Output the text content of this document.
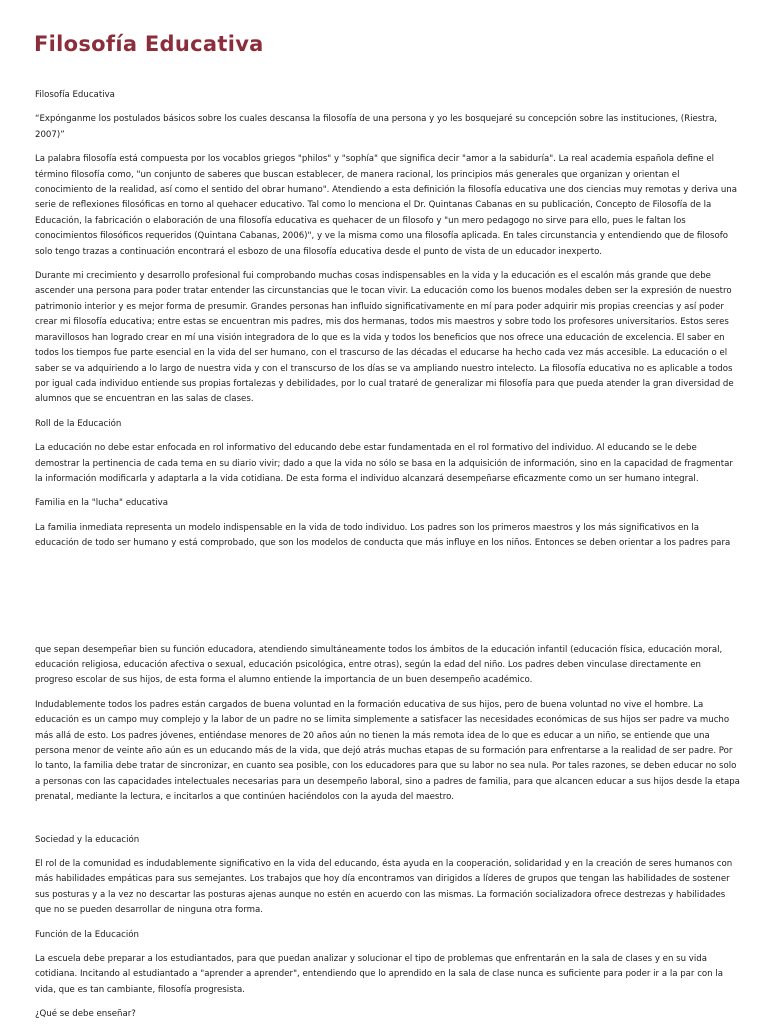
Filosofía Educativa

Filosofía Educativa

“Expónganme los postulados básicos sobre los cuales descansa la filosofía de una persona y yo les bosquejaré su concepción sobre las instituciones, (Riestra, 2007)”

La palabra filosofía está compuesta por los vocablos griegos "philos" y "sophía" que significa decir "amor a la sabiduría". La real academia española define el término filosofía como, "un conjunto de saberes que buscan establecer, de manera racional, los principios más generales que organizan y orientan el conocimiento de la realidad, así como el sentido del obrar humano". Atendiendo a esta definición la filosofía educativa une dos ciencias muy remotas y deriva una serie de reflexiones filosóficas en torno al quehacer educativo. Tal como lo menciona el Dr. Quintanas Cabanas en su publicación, Concepto de Filosofía de la Educación, la fabricación o elaboración de una filosofía educativa es quehacer de un filosofo y "un mero pedagogo no sirve para ello, pues le faltan los conocimientos filosóficos requeridos (Quintana Cabanas, 2006)", y ve la misma como una filosofía aplicada. En tales circunstancia y entendiendo que de filosofo solo tengo trazas a continuación encontrará el esbozo de una filosofía educativa desde el punto de vista de un educador inexperto.

Durante mi crecimiento y desarrollo profesional fui comprobando muchas cosas indispensables en la vida y la educación es el escalón más grande que debe ascender una persona para poder tratar entender las circunstancias que le tocan vivir. La educación como los buenos modales deben ser la expresión de nuestro patrimonio interior y es mejor forma de presumir. Grandes personas han influido significativamente en mí para poder adquirir mis propias creencias y así poder crear mi filosofía educativa; entre estas se encuentran mis padres, mis dos hermanas, todos mis maestros y sobre todo los profesores universitarios. Estos seres maravillosos han logrado crear en mí una visión integradora de lo que es la vida y todos los beneficios que nos ofrece una educación de excelencia. El saber en todos los tiempos fue parte esencial en la vida del ser humano, con el trascurso de las décadas el educarse ha hecho cada vez más accesible. La educación o el saber se va adquiriendo a lo largo de nuestra vida y con el transcurso de los días se va ampliando nuestro intelecto. La filosofía educativa no es aplicable a todos por igual cada individuo entiende sus propias fortalezas y debilidades, por lo cual trataré de generalizar mi filosofía para que pueda atender la gran diversidad de alumnos que se encuentran en las salas de clases.

Roll de la Educación

La educación no debe estar enfocada en rol informativo del educando debe estar fundamentada en el rol formativo del individuo. Al educando se le debe demostrar la pertinencia de cada tema en su diario vivir; dado a que la vida no sólo se basa en la adquisición de información, sino en la capacidad de fragmentar la información modificarla y adaptarla a la vida cotidiana. De esta forma el individuo alcanzará desempeñarse eficazmente como un ser humano integral.

Familia en la "lucha" educativa

La familia inmediata representa un modelo indispensable en la vida de todo individuo. Los padres son los primeros maestros y los más significativos en la educación de todo ser humano y está comprobado, que son los modelos de conducta que más influye en los niños. Entonces se deben orientar a los padres para

que sepan desempeñar bien su función educadora, atendiendo simultáneamente todos los ámbitos de la educación infantil (educación física, educación moral, educación religiosa, educación afectiva o sexual, educación psicológica, entre otras), según la edad del niño. Los padres deben vinculase directamente en progreso escolar de sus hijos, de esta forma el alumno entiende la importancia de un buen desempeño académico.

Indudablemente todos los padres están cargados de buena voluntad en la formación educativa de sus hijos, pero de buena voluntad no vive el hombre. La educación es un campo muy complejo y la labor de un padre no se limita simplemente a satisfacer las necesidades económicas de sus hijos ser padre va mucho más allá de esto. Los padres jóvenes, entiéndase menores de 20 años aún no tienen la más remota idea de lo que es educar a un niño, se entiende que una persona menor de veinte año aún es un educando más de la vida, que dejó atrás muchas etapas de su formación para enfrentarse a la realidad de ser padre. Por lo tanto, la familia debe tratar de sincronizar, en cuanto sea posible, con los educadores para que su labor no sea nula. Por tales razones, se deben educar no solo a personas con las capacidades intelectuales necesarias para un desempeño laboral, sino a padres de familia, para que alcancen educar a sus hijos desde la etapa prenatal, mediante la lectura, e incitarlos a que continúen haciéndolos con la ayuda del maestro.

Sociedad y la educación

El rol de la comunidad es indudablemente significativo en la vida del educando, ésta ayuda en la cooperación, solidaridad y en la creación de seres humanos con más habilidades empáticas para sus semejantes. Los trabajos que hoy día encontramos van dirigidos a líderes de grupos que tengan las habilidades de sostener sus posturas y a la vez no descartar las posturas ajenas aunque no estén en acuerdo con las mismas. La formación socializadora ofrece destrezas y habilidades que no se pueden desarrollar de ninguna otra forma.

Función de la Educación

La escuela debe preparar a los estudiantados, para que puedan analizar y solucionar el tipo de problemas que enfrentarán en la sala de clases y en su vida cotidiana. Incitando al estudiantado a "aprender a aprender", entendiendo que lo aprendido en la sala de clase nunca es suficiente para poder ir a la par con la vida, que es tan cambiante, filosofía progresista.

¿Qué se debe enseñar?
